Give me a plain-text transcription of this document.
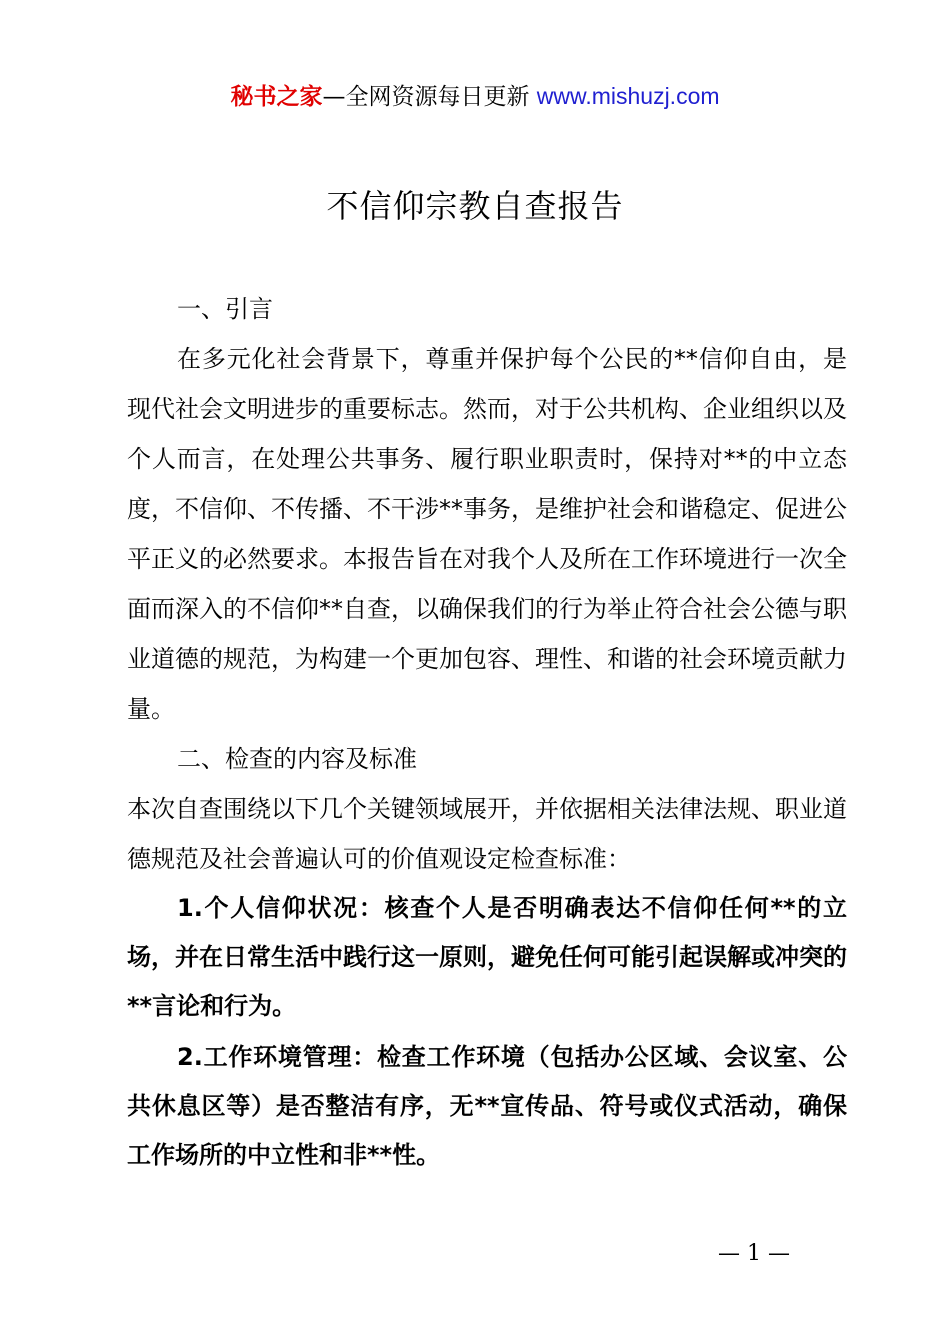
秘书之家—全网资源每日更新 www.mishuzj.com
不信仰宗教自查报告

一、引言

在多元化社会背景下，尊重并保护每个公民的**信仰自由，是现代社会文明进步的重要标志。然而，对于公共机构、企业组织以及个人而言，在处理公共事务、履行职业职责时，保持对**的中立态度，不信仰、不传播、不干涉**事务，是维护社会和谐稳定、促进公平正义的必然要求。本报告旨在对我个人及所在工作环境进行一次全面而深入的不信仰**自查，以确保我们的行为举止符合社会公德与职业道德的规范，为构建一个更加包容、理性、和谐的社会环境贡献力量。

二、检查的内容及标准

本次自查围绕以下几个关键领域展开，并依据相关法律法规、职业道德规范及社会普遍认可的价值观设定检查标准：

1.个人信仰状况：核查个人是否明确表达不信仰任何**的立场，并在日常生活中践行这一原则，避免任何可能引起误解或冲突的**言论和行为。

2.工作环境管理：检查工作环境（包括办公区域、会议室、公共休息区等）是否整洁有序，无**宣传品、符号或仪式活动，确保工作场所的中立性和非**性。

— 1 —
